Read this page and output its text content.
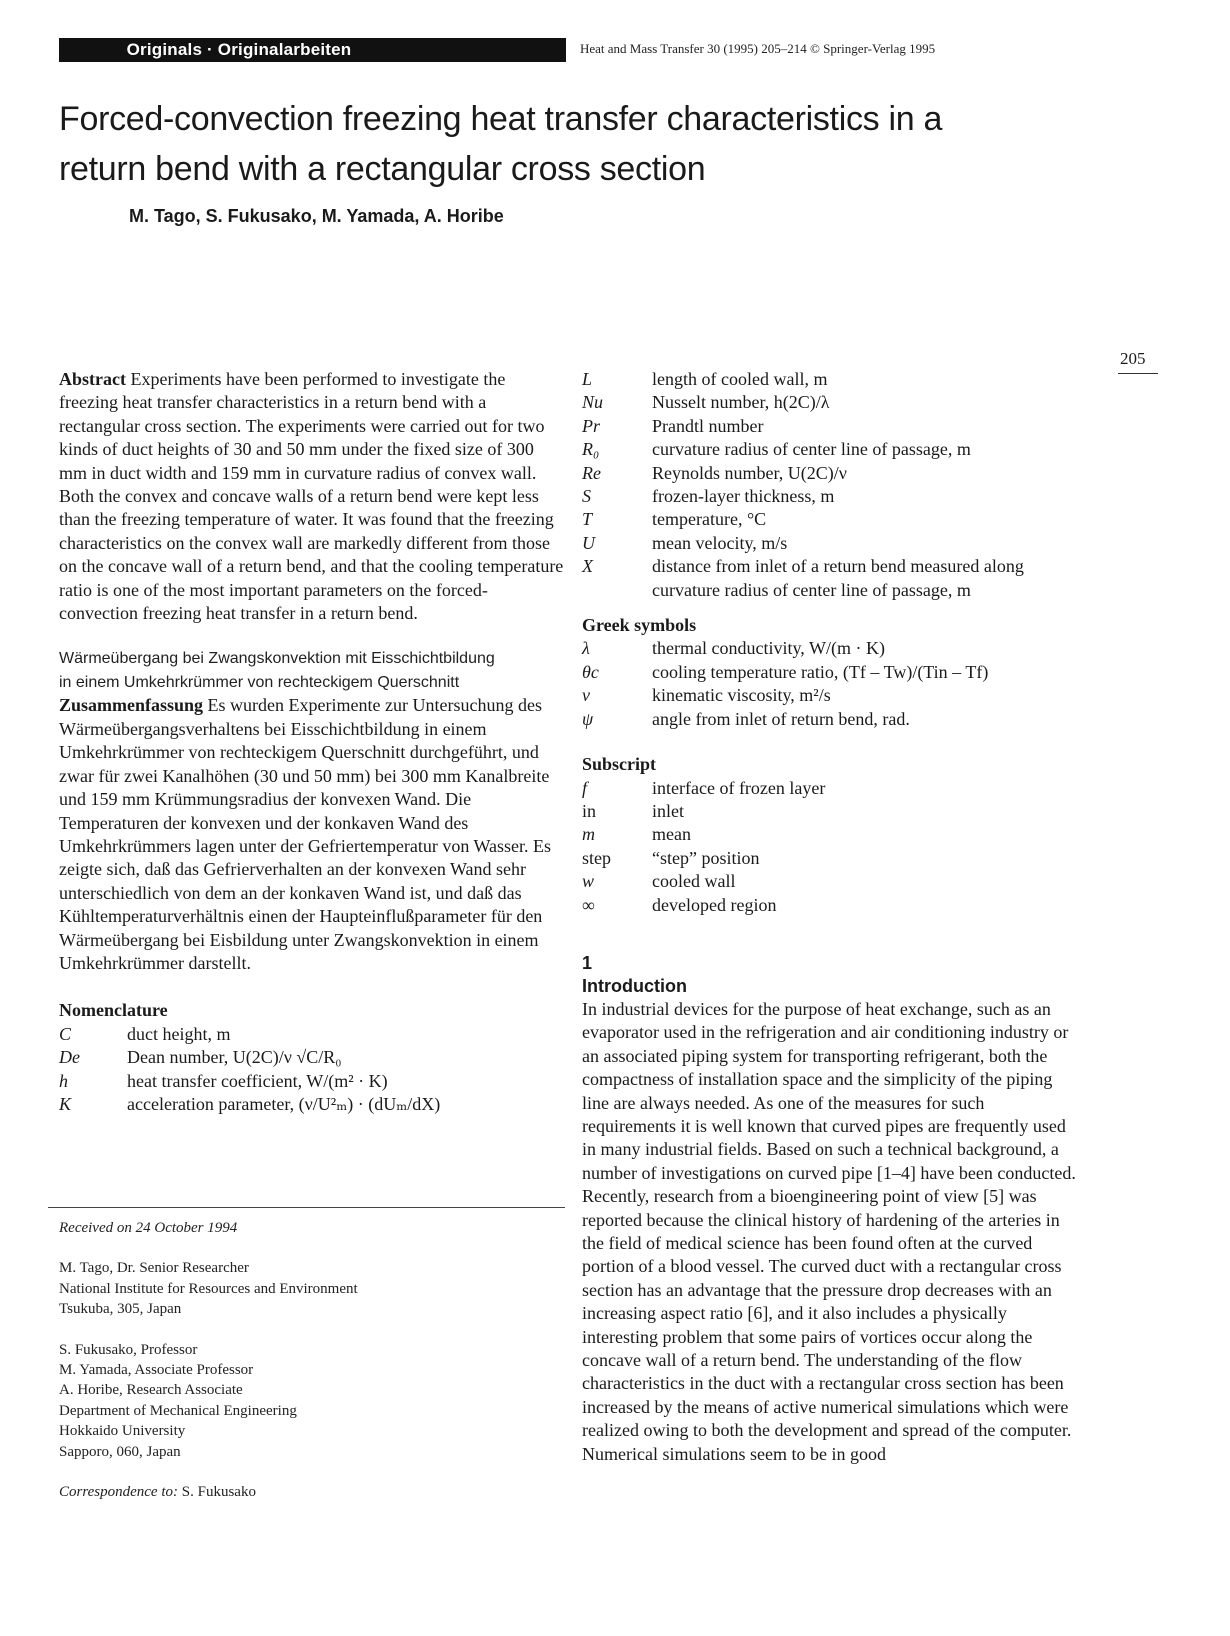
Originals · Originalarbeiten	Heat and Mass Transfer 30 (1995) 205–214 © Springer-Verlag 1995
Forced-convection freezing heat transfer characteristics in a return bend with a rectangular cross section
M. Tago, S. Fukusako, M. Yamada, A. Horibe
205

Abstract Experiments have been performed to investigate the freezing heat transfer characteristics in a return bend with a rectangular cross section. The experiments were carried out for two kinds of duct heights of 30 and 50 mm under the fixed size of 300 mm in duct width and 159 mm in curvature radius of convex wall. Both the convex and concave walls of a return bend were kept less than the freezing temperature of water. It was found that the freezing characteristics on the convex wall are markedly different from those on the concave wall of a return bend, and that the cooling temperature ratio is one of the most important parameters on the forced-convection freezing heat transfer in a return bend.

Wärmeübergang bei Zwangskonvektion mit Eisschichtbildung
in einem Umkehrkrümmer von rechteckigem Querschnitt

Zusammenfassung Es wurden Experimente zur Untersuchung des Wärmeübergangsverhaltens bei Eisschichtbildung in einem Umkehrkrümmer von rechteckigem Querschnitt durchgeführt, und zwar für zwei Kanalhöhen (30 und 50 mm) bei 300 mm Kanalbreite und 159 mm Krümmungsradius der konvexen Wand. Die Temperaturen der konvexen und der konkaven Wand des Umkehrkrümmers lagen unter der Gefriertemperatur von Wasser. Es zeigte sich, daß das Gefrierverhalten an der konvexen Wand sehr unterschiedlich von dem an der konkaven Wand ist, und daß das Kühltemperaturverhältnis einen der Haupteinflußparameter für den Wärmeübergang bei Eisbildung unter Zwangskonvektion in einem Umkehrkrümmer darstellt.

Nomenclature
C	duct height, m
De	Dean number, U(2C)/ν √C/R₀
h	heat transfer coefficient, W/(m² · K)
K	acceleration parameter, (ν/U²ₘ) · (dUₘ/dX)
Received on 24 October 1994
M. Tago, Dr. Senior Researcher
National Institute for Resources and Environment
Tsukuba, 305, Japan
S. Fukusako, Professor
M. Yamada, Associate Professor
A. Horibe, Research Associate
Department of Mechanical Engineering
Hokkaido University
Sapporo, 060, Japan
Correspondence to: S. Fukusako
L	length of cooled wall, m
Nu	Nusselt number, h(2C)/λ
Pr	Prandtl number
R₀	curvature radius of center line of passage, m
Re	Reynolds number, U(2C)/ν
S	frozen-layer thickness, m
T	temperature, °C
U	mean velocity, m/s
X	distance from inlet of a return bend measured along curvature radius of center line of passage, m
Greek symbols
λ	thermal conductivity, W/(m · K)
θc	cooling temperature ratio, (Tf – Tw)/(Tin – Tf)
ν	kinematic viscosity, m²/s
ψ	angle from inlet of return bend, rad.
Subscript
f	interface of frozen layer
in	inlet
m	mean
step	“step” position
w	cooled wall
∞	developed region
1
Introduction

In industrial devices for the purpose of heat exchange, such as an evaporator used in the refrigeration and air conditioning industry or an associated piping system for transporting refrigerant, both the compactness of installation space and the simplicity of the piping line are always needed. As one of the measures for such requirements it is well known that curved pipes are frequently used in many industrial fields. Based on such a technical background, a number of investigations on curved pipe [1–4] have been conducted. Recently, research from a bioengineering point of view [5] was reported because the clinical history of hardening of the arteries in the field of medical science has been found often at the curved portion of a blood vessel. The curved duct with a rectangular cross section has an advantage that the pressure drop decreases with an increasing aspect ratio [6], and it also includes a physically interesting problem that some pairs of vortices occur along the concave wall of a return bend. The understanding of the flow characteristics in the duct with a rectangular cross section has been increased by the means of active numerical simulations which were realized owing to both the development and spread of the computer. Numerical simulations seem to be in good
